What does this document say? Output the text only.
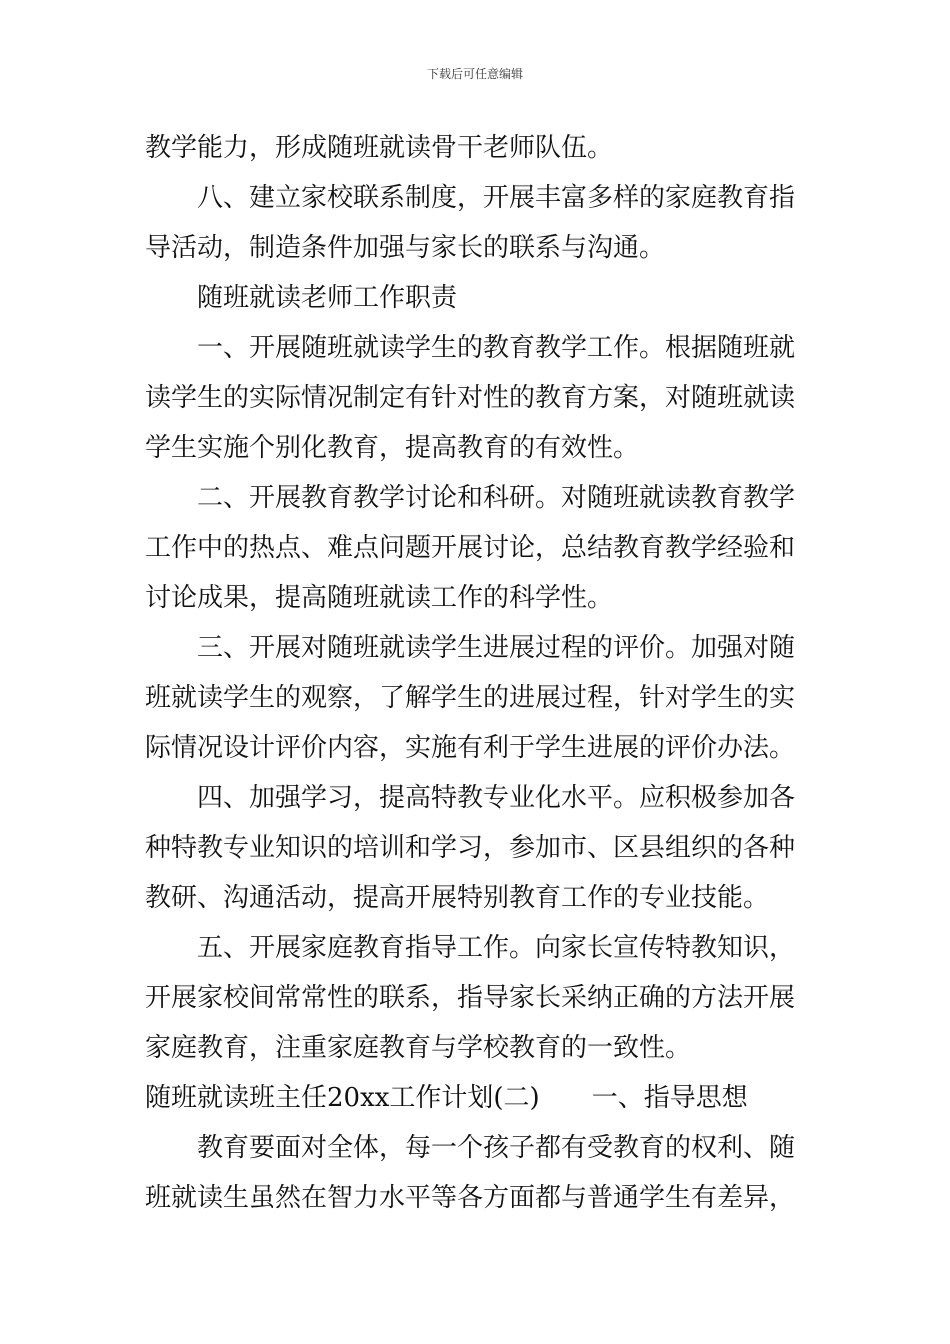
下载后可任意编辑
教学能力，形成随班就读骨干老师队伍。
　　八、建立家校联系制度，开展丰富多样的家庭教育指
导活动，制造条件加强与家长的联系与沟通。
　　随班就读老师工作职责
　　一、开展随班就读学生的教育教学工作。根据随班就
读学生的实际情况制定有针对性的教育方案，对随班就读
学生实施个别化教育，提高教育的有效性。
　　二、开展教育教学讨论和科研。对随班就读教育教学
工作中的热点、难点问题开展讨论，总结教育教学经验和
讨论成果，提高随班就读工作的科学性。
　　三、开展对随班就读学生进展过程的评价。加强对随
班就读学生的观察，了解学生的进展过程，针对学生的实
际情况设计评价内容，实施有利于学生进展的评价办法。
　　四、加强学习，提高特教专业化水平。应积极参加各
种特教专业知识的培训和学习，参加市、区县组织的各种
教研、沟通活动，提高开展特别教育工作的专业技能。
　　五、开展家庭教育指导工作。向家长宣传特教知识，
开展家校间常常性的联系，指导家长采纳正确的方法开展
家庭教育，注重家庭教育与学校教育的一致性。
随班就读班主任20xx工作计划(二)　　一、指导思想
　　教育要面对全体，每一个孩子都有受教育的权利、随
班就读生虽然在智力水平等各方面都与普通学生有差异，
